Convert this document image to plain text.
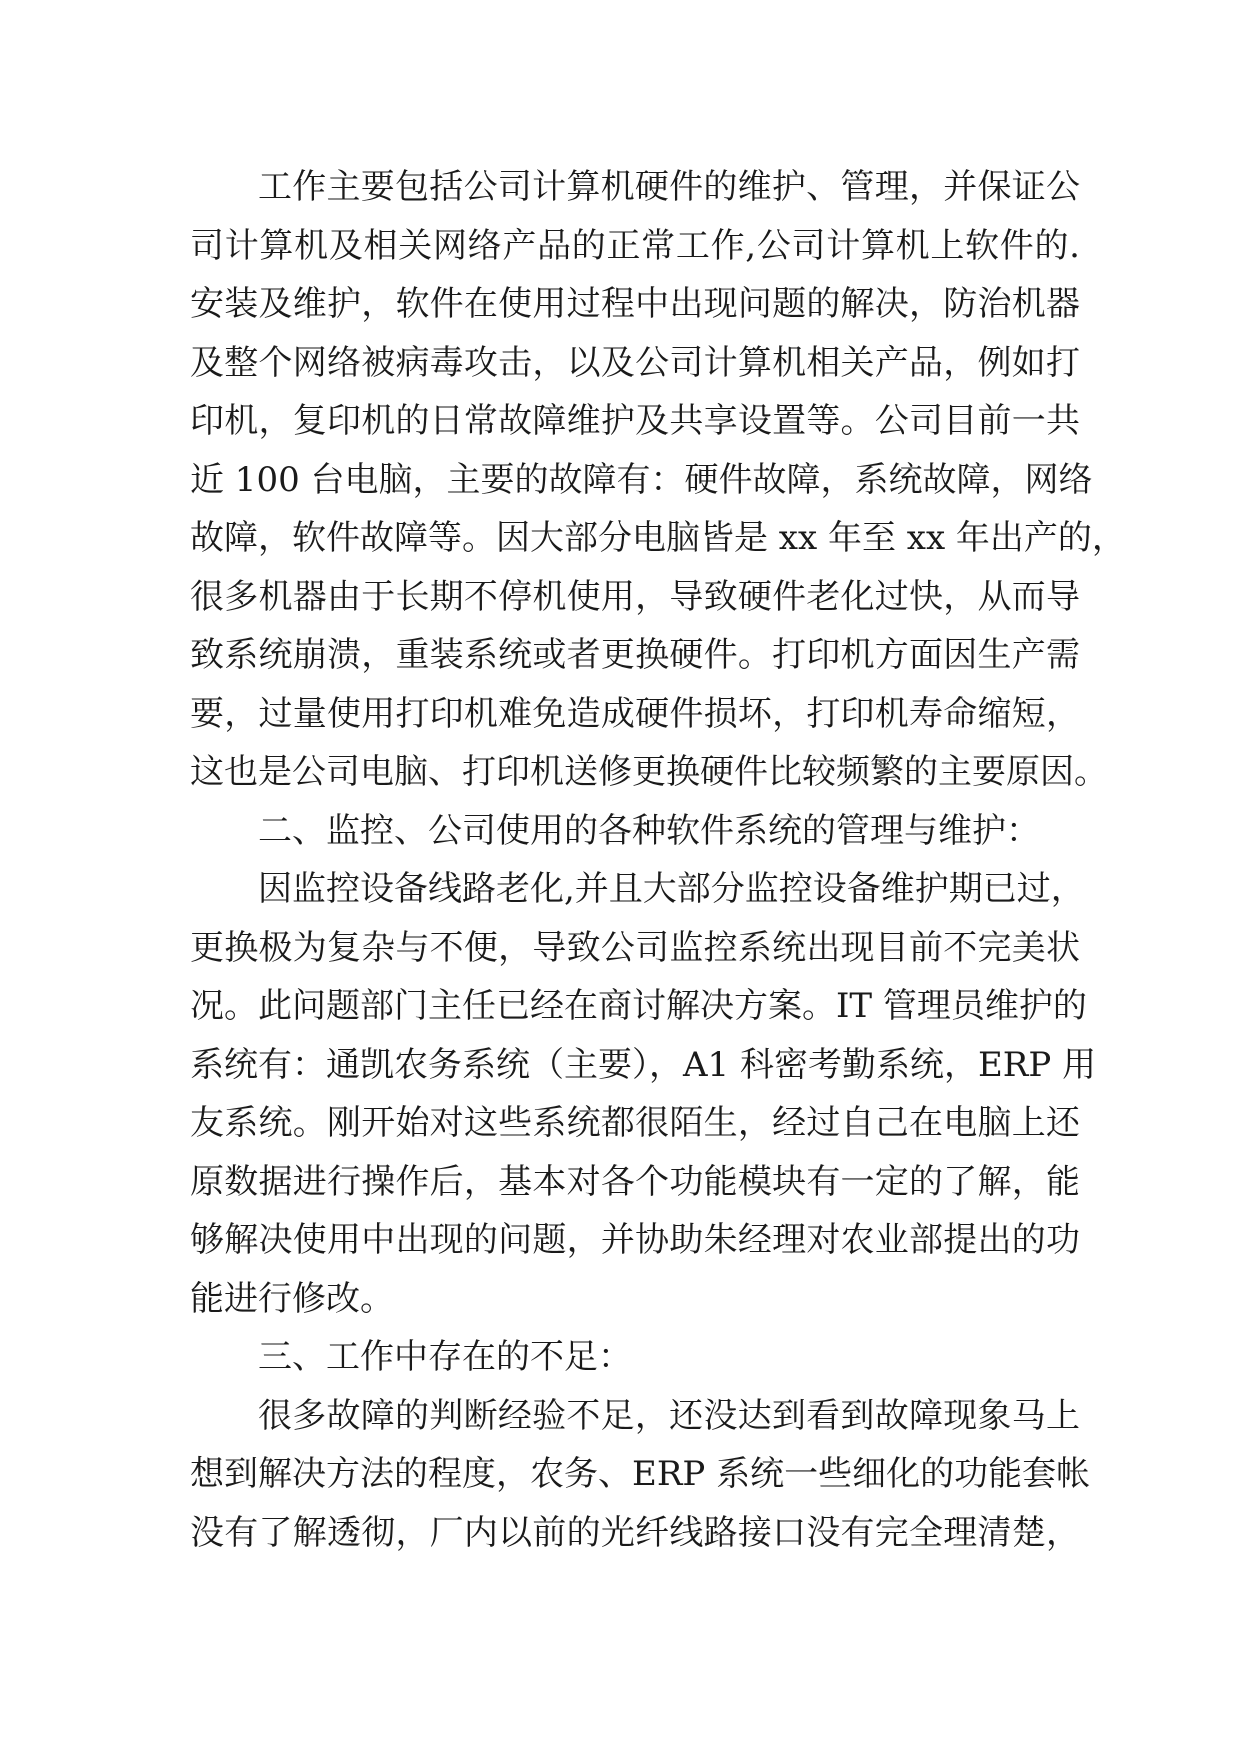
工作主要包括公司计算机硬件的维护、管理，并保证公
司计算机及相关网络产品的正常工作,公司计算机上软件的.
安装及维护，软件在使用过程中出现问题的解决，防治机器
及整个网络被病毒攻击，以及公司计算机相关产品，例如打
印机，复印机的日常故障维护及共享设置等。公司目前一共
近 100 台电脑，主要的故障有：硬件故障，系统故障，网络
故障，软件故障等。因大部分电脑皆是 xx 年至 xx 年出产的，
很多机器由于长期不停机使用，导致硬件老化过快，从而导
致系统崩溃，重装系统或者更换硬件。打印机方面因生产需
要，过量使用打印机难免造成硬件损坏，打印机寿命缩短，
这也是公司电脑、打印机送修更换硬件比较频繁的主要原因。
二、监控、公司使用的各种软件系统的管理与维护：
因监控设备线路老化,并且大部分监控设备维护期已过，
更换极为复杂与不便，导致公司监控系统出现目前不完美状
况。此问题部门主任已经在商讨解决方案。IT 管理员维护的
系统有：通凯农务系统（主要），A1 科密考勤系统，ERP 用
友系统。刚开始对这些系统都很陌生，经过自己在电脑上还
原数据进行操作后，基本对各个功能模块有一定的了解，能
够解决使用中出现的问题，并协助朱经理对农业部提出的功
能进行修改。
三、工作中存在的不足：
很多故障的判断经验不足，还没达到看到故障现象马上
想到解决方法的程度，农务、ERP 系统一些细化的功能套帐
没有了解透彻，厂内以前的光纤线路接口没有完全理清楚，
